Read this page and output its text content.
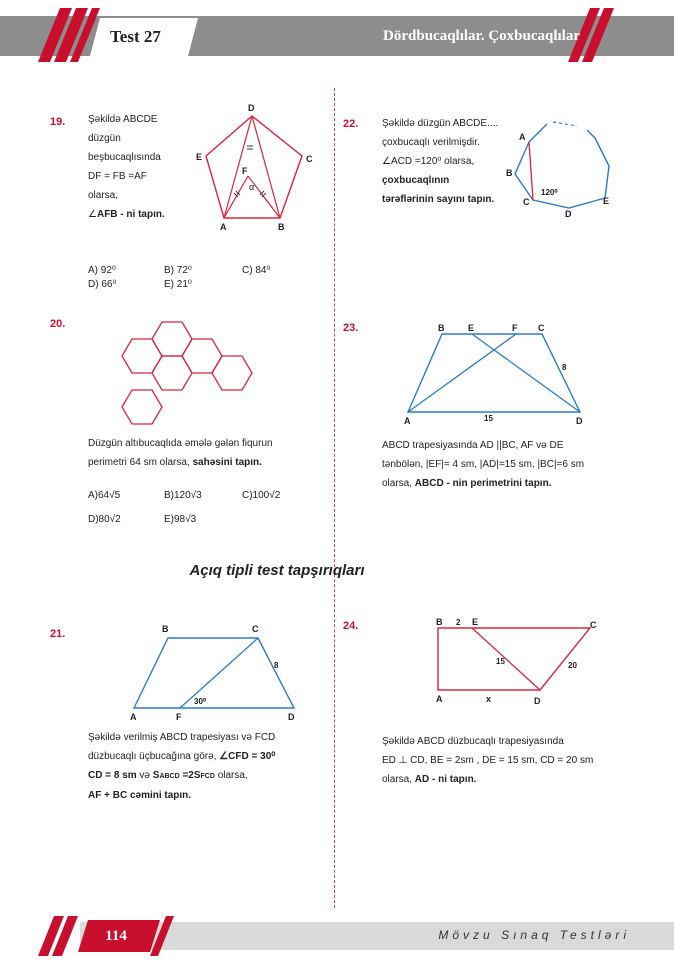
Test 27	Dördbucaqlılar. Çoxbucaqlılar
19. Şəkildə ABCDE
düzgün
beşbucaqlısında
DF = FB =AF
olarsa,
∠AFB - ni tapın.
D
E	C
F
α
A	B
A) 92⁰	B) 72⁰	C) 84⁰
D) 66⁰	E) 21⁰
22. Şəkildə düzgün ABCDE....
çoxbucaqlı verilmişdir.
∠ACD =120⁰ olarsa,
çoxbucaqlının
tərəflərinin sayını tapın.
A
B
120⁰
C
D
E
20.
Düzgün altıbucaqlıda əmələ gələn fiqurun
perimetri 64 sm olarsa, sahəsini tapın.
A)64√5	B)120√3	C)100√2
D)80√2	E)98√3
23.	B	E	F C
8
15
A	D
ABCD trapesiyasında AD ||BC, AF və DE
tənbölən, |EF|= 4 sm, |AD|=15 sm, |BC|=6 sm
olarsa, ABCD - nin perimetrini tapın.
Açıq tipli test tapşırıqları
21.	B	C
8
30⁰
A	F	D
Şəkildə verilmiş ABCD trapesiyası və FCD
düzbucaqlı üçbucağına görə, ∠CFD = 30⁰
CD = 8 sm və SABCD =2SFCD olarsa,
AF + BC cəmini tapın.
24.	B 2 E	C
15	20
A	x	D
Şəkildə ABCD düzbucaqlı trapesiyasında
ED ⊥ CD, BE = 2sm , DE = 15 sm, CD = 20 sm
olarsa, AD - ni tapın.
114	Mövzu Sınaq Testləri
